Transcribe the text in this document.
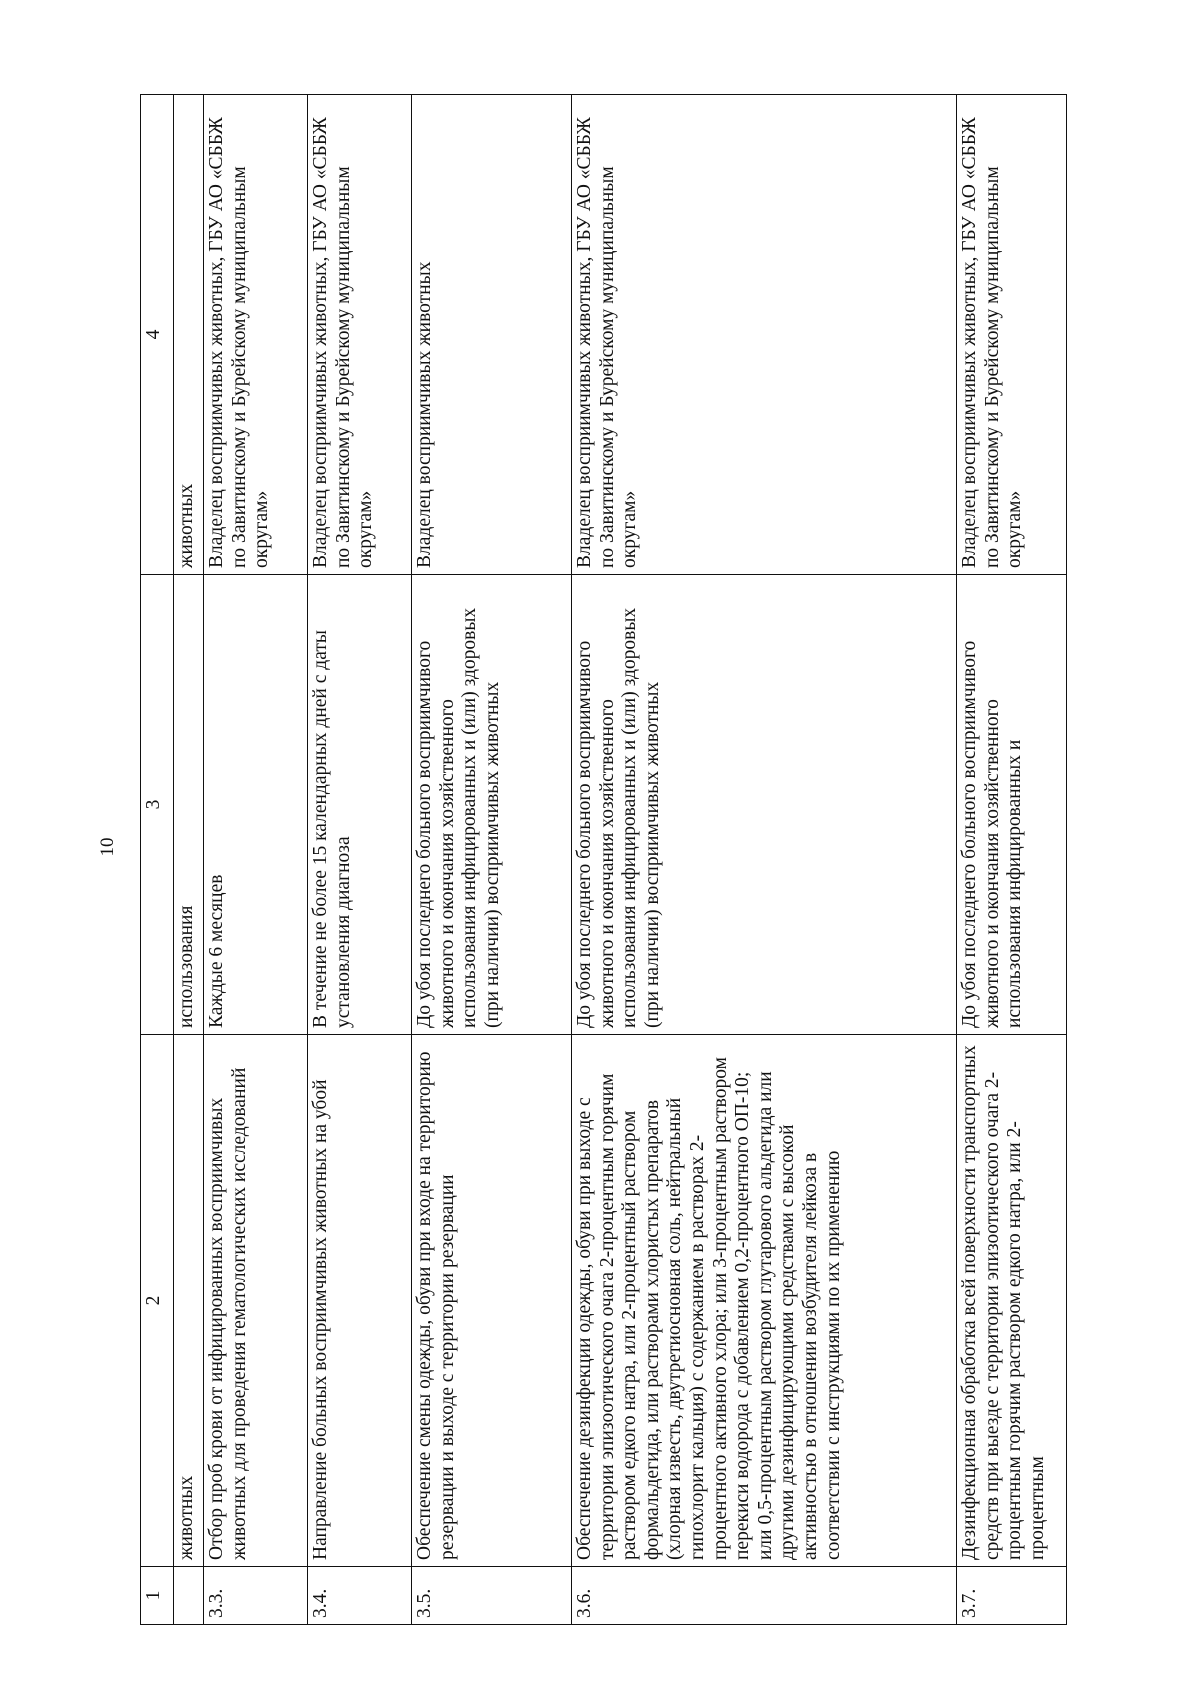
10
1	2	3	4
	животных	использования	животных
3.3.	Отбор проб крови от инфицированных восприимчивых животных для проведения гематологических исследований	Каждые 6 месяцев	Владелец восприимчивых животных, ГБУ АО «СББЖ по Завитинскому и Бурейскому муниципальным округам»
3.4.	Направление больных восприимчивых животных на убой	В течение не более 15 календарных дней с даты установления диагноза	Владелец восприимчивых животных, ГБУ АО «СББЖ по Завитинскому и Бурейскому муниципальным округам»
3.5.	Обеспечение смены одежды, обуви при входе на территорию резервации и выходе с территории резервации	До убоя последнего больного восприимчивого животного и окончания хозяйственного использования инфицированных и (или) здоровых (при наличии) восприимчивых животных	Владелец восприимчивых животных
3.6.	Обеспечение дезинфекции одежды, обуви при выходе с территории эпизоотического очага 2-процентным горячим раствором едкого натра, или 2-процентный раствором формальдегида, или растворами хлористых препаратов (хлорная известь, двутретиосновная соль, нейтральный гипохлорит кальция) с содержанием в растворах 2-процентного активного хлора; или 3-процентным раствором перекиси водорода с добавлением 0,2-процентного ОП-10; или 0,5-процентным раствором глутарового альдегида или другими дезинфицирующими средствами с высокой активностью в отношении возбудителя лейкоза в соответствии с инструкциями по их применению	До убоя последнего больного восприимчивого животного и окончания хозяйственного использования инфицированных и (или) здоровых (при наличии) восприимчивых животных	Владелец восприимчивых животных, ГБУ АО «СББЖ по Завитинскому и Бурейскому муниципальным округам»
3.7.	Дезинфекционная обработка всей поверхности транспортных средств при выезде с территории эпизоотического очага 2-процентным горячим раствором едкого натра, или 2-процентным	До убоя последнего больного восприимчивого животного и окончания хозяйственного использования инфицированных и	Владелец восприимчивых животных, ГБУ АО «СББЖ по Завитинскому и Бурейскому муниципальным округам»
